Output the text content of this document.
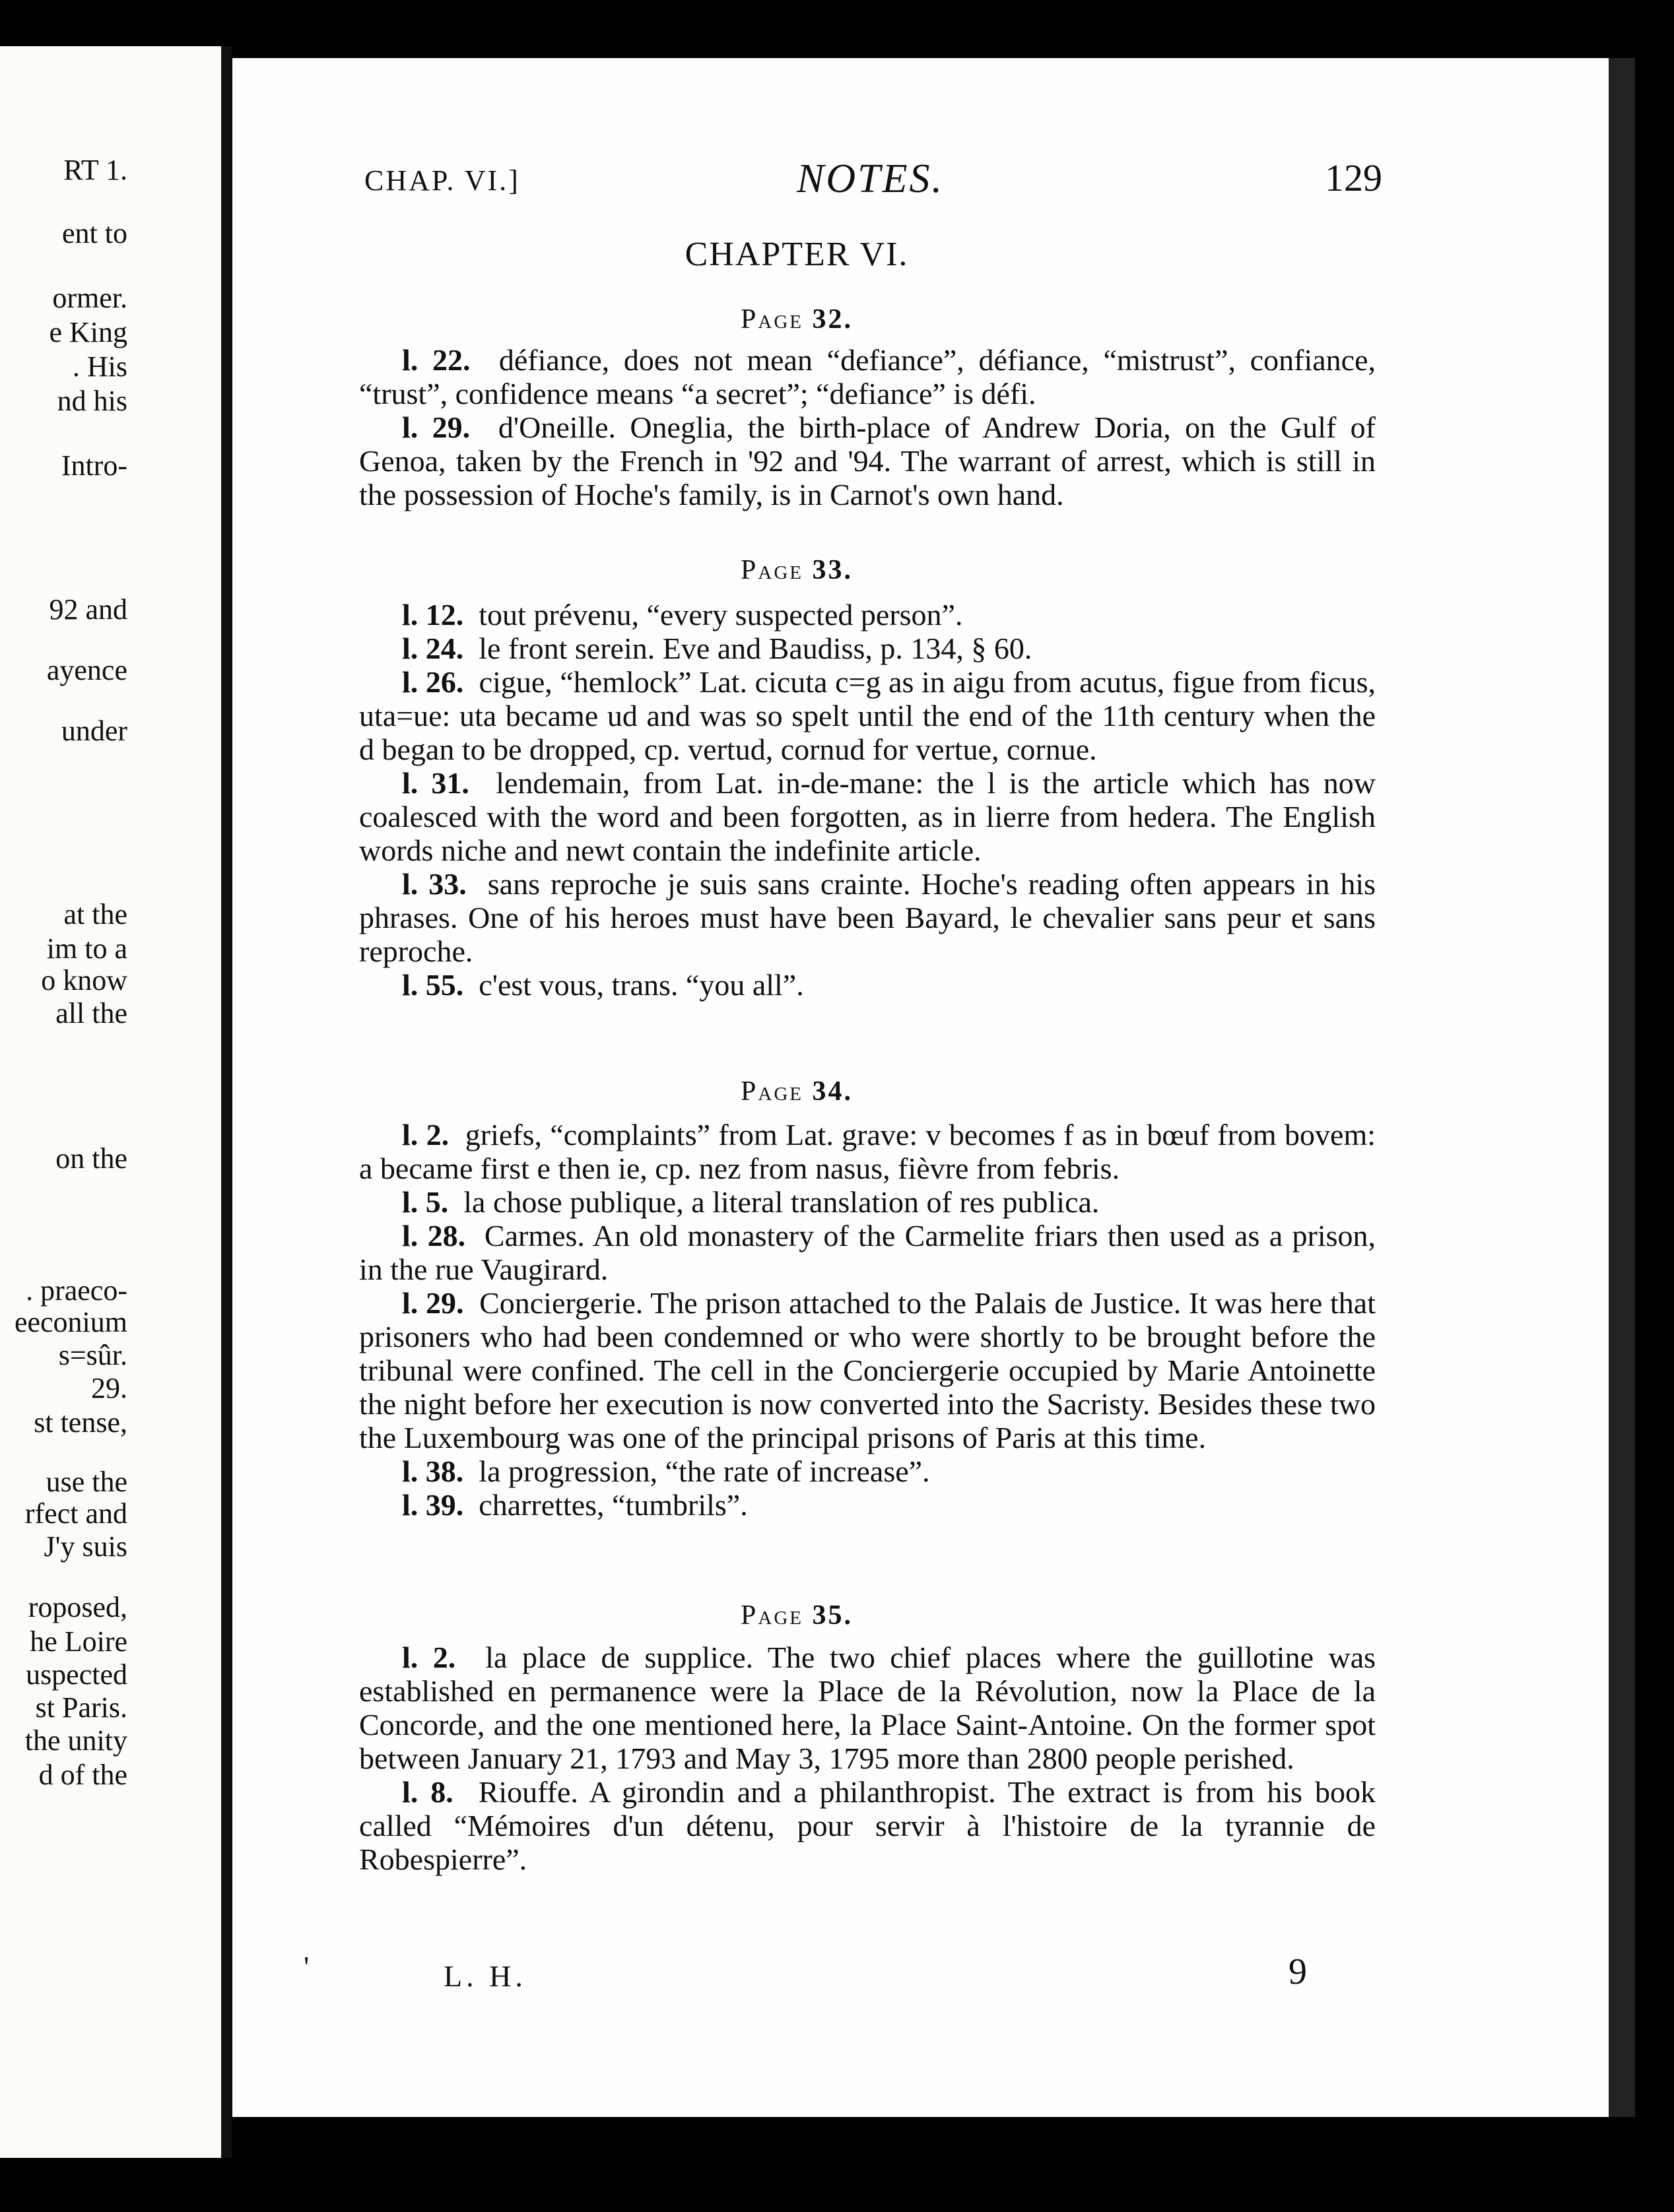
RT 1.
ent to
ormer.
e King
. His
nd his
Intro-
92 and
ayence
under
at the
im to a
o know
all the
on the
. praeco-
eeconium
s=sûr.
29.
st tense,
use the
rfect and
J'y suis
roposed,
he Loire
uspected
st Paris.
the unity
d of the
'
CHAP. VI.]	NOTES.	129
CHAPTER VI.
Page 32.

l. 22. défiance, does not mean “defiance”, défiance, “mistrust”, confiance, “trust”, confidence means “a secret”; “defiance” is défi.

l. 29. d'Oneille. Oneglia, the birth-place of Andrew Doria, on the Gulf of Genoa, taken by the French in '92 and '94. The warrant of arrest, which is still in the possession of Hoche's family, is in Carnot's own hand.

Page 33.

l. 12. tout prévenu, “every suspected person”.

l. 24. le front serein. Eve and Baudiss, p. 134, § 60.

l. 26. cigue, “hemlock” Lat. cicuta c=g as in aigu from acutus, figue from ficus, uta=ue: uta became ud and was so spelt until the end of the 11th century when the d began to be dropped, cp. vertud, cornud for vertue, cornue.

l. 31. lendemain, from Lat. in-de-mane: the l is the article which has now coalesced with the word and been forgotten, as in lierre from hedera. The English words niche and newt contain the indefinite article.

l. 33. sans reproche je suis sans crainte. Hoche's reading often appears in his phrases. One of his heroes must have been Bayard, le chevalier sans peur et sans reproche.

l. 55. c'est vous, trans. “you all”.

Page 34.

l. 2. griefs, “complaints” from Lat. grave: v becomes f as in bœuf from bovem: a became first e then ie, cp. nez from nasus, fièvre from febris.

l. 5. la chose publique, a literal translation of res publica.

l. 28. Carmes. An old monastery of the Carmelite friars then used as a prison, in the rue Vaugirard.

l. 29. Conciergerie. The prison attached to the Palais de Justice. It was here that prisoners who had been condemned or who were shortly to be brought before the tribunal were confined. The cell in the Conciergerie occupied by Marie Antoinette the night before her execution is now converted into the Sacristy. Besides these two the Luxembourg was one of the principal prisons of Paris at this time.

l. 38. la progression, “the rate of increase”.

l. 39. charrettes, “tumbrils”.

Page 35.

l. 2. la place de supplice. The two chief places where the guillotine was established en permanence were la Place de la Révolution, now la Place de la Concorde, and the one mentioned here, la Place Saint-Antoine. On the former spot between January 21, 1793 and May 3, 1795 more than 2800 people perished.

l. 8. Riouffe. A girondin and a philanthropist. The extract is from his book called “Mémoires d'un détenu, pour servir à l'histoire de la tyrannie de Robespierre”.

L. H.	9
